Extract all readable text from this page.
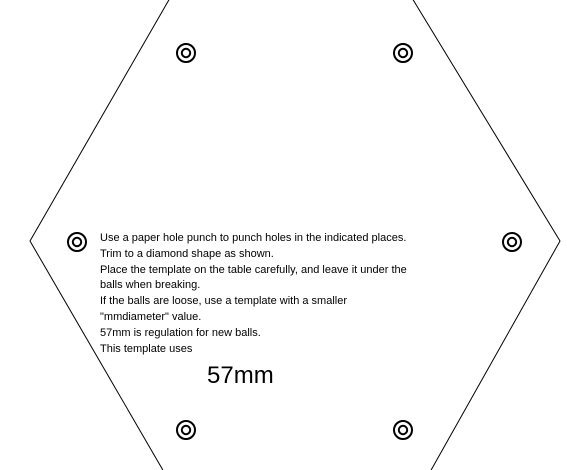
Use a paper hole punch to punch holes in the indicated places.
Trim to a diamond shape as shown.
Place the template on the table carefully, and leave it under the
balls when breaking.
If the balls are loose, use a template with a smaller
"mmdiameter" value.
57mm is regulation for new balls.
This template uses
57mm
